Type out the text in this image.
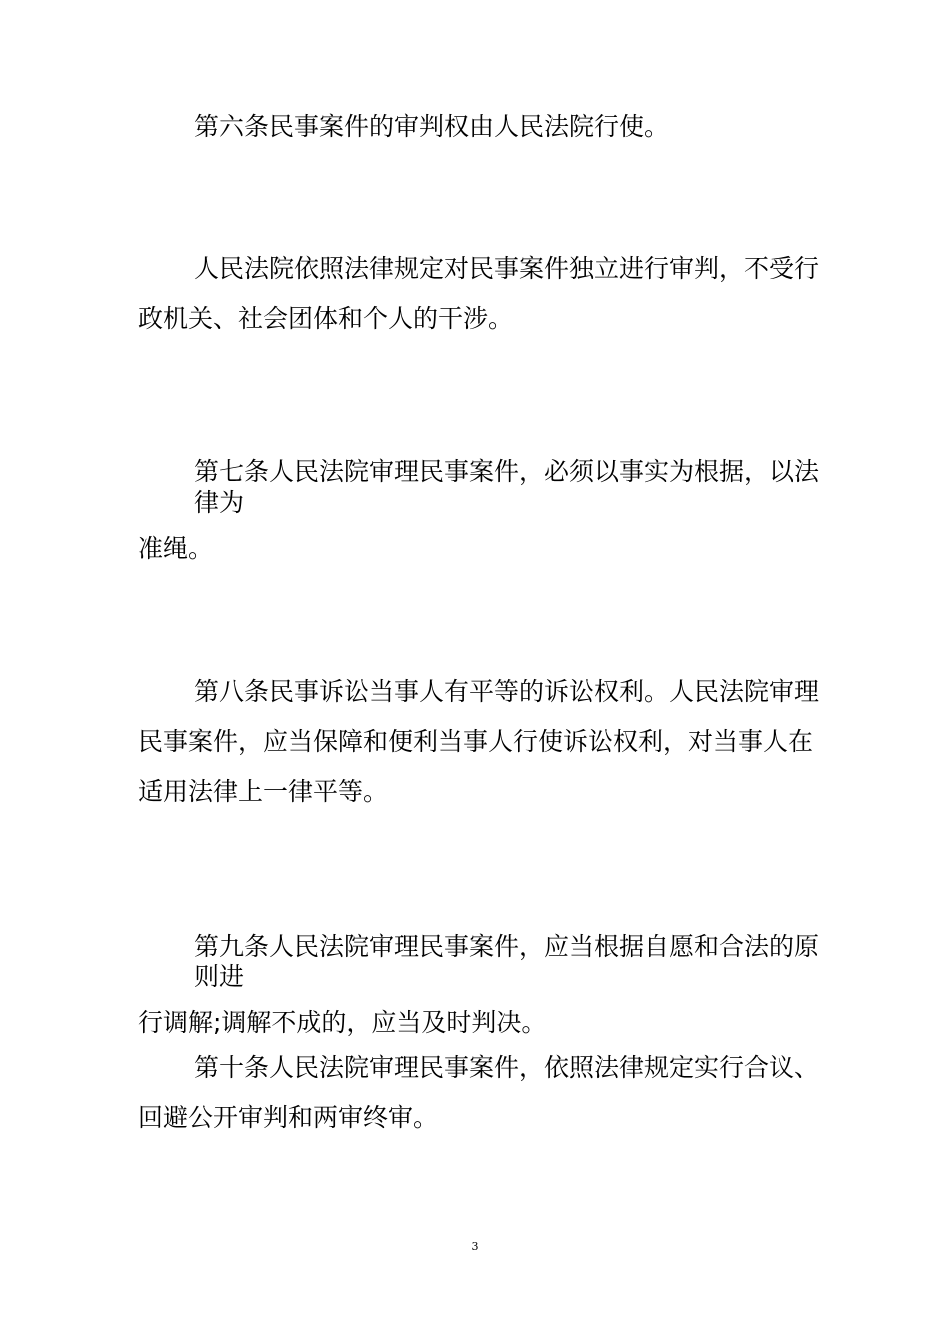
第六条民事案件的审判权由人民法院行使。
人民法院依照法律规定对民事案件独立进行审判，不受行
政机关、社会团体和个人的干涉。
第七条人民法院审理民事案件，必须以事实为根据，以法
律为
准绳。
第八条民事诉讼当事人有平等的诉讼权利。人民法院审理
民事案件，应当保障和便利当事人行使诉讼权利，对当事人在
适用法律上一律平等。
第九条人民法院审理民事案件，应当根据自愿和合法的原
则进
行调解;调解不成的，应当及时判决。
第十条人民法院审理民事案件，依照法律规定实行合议、
回避公开审判和两审终审。
3
